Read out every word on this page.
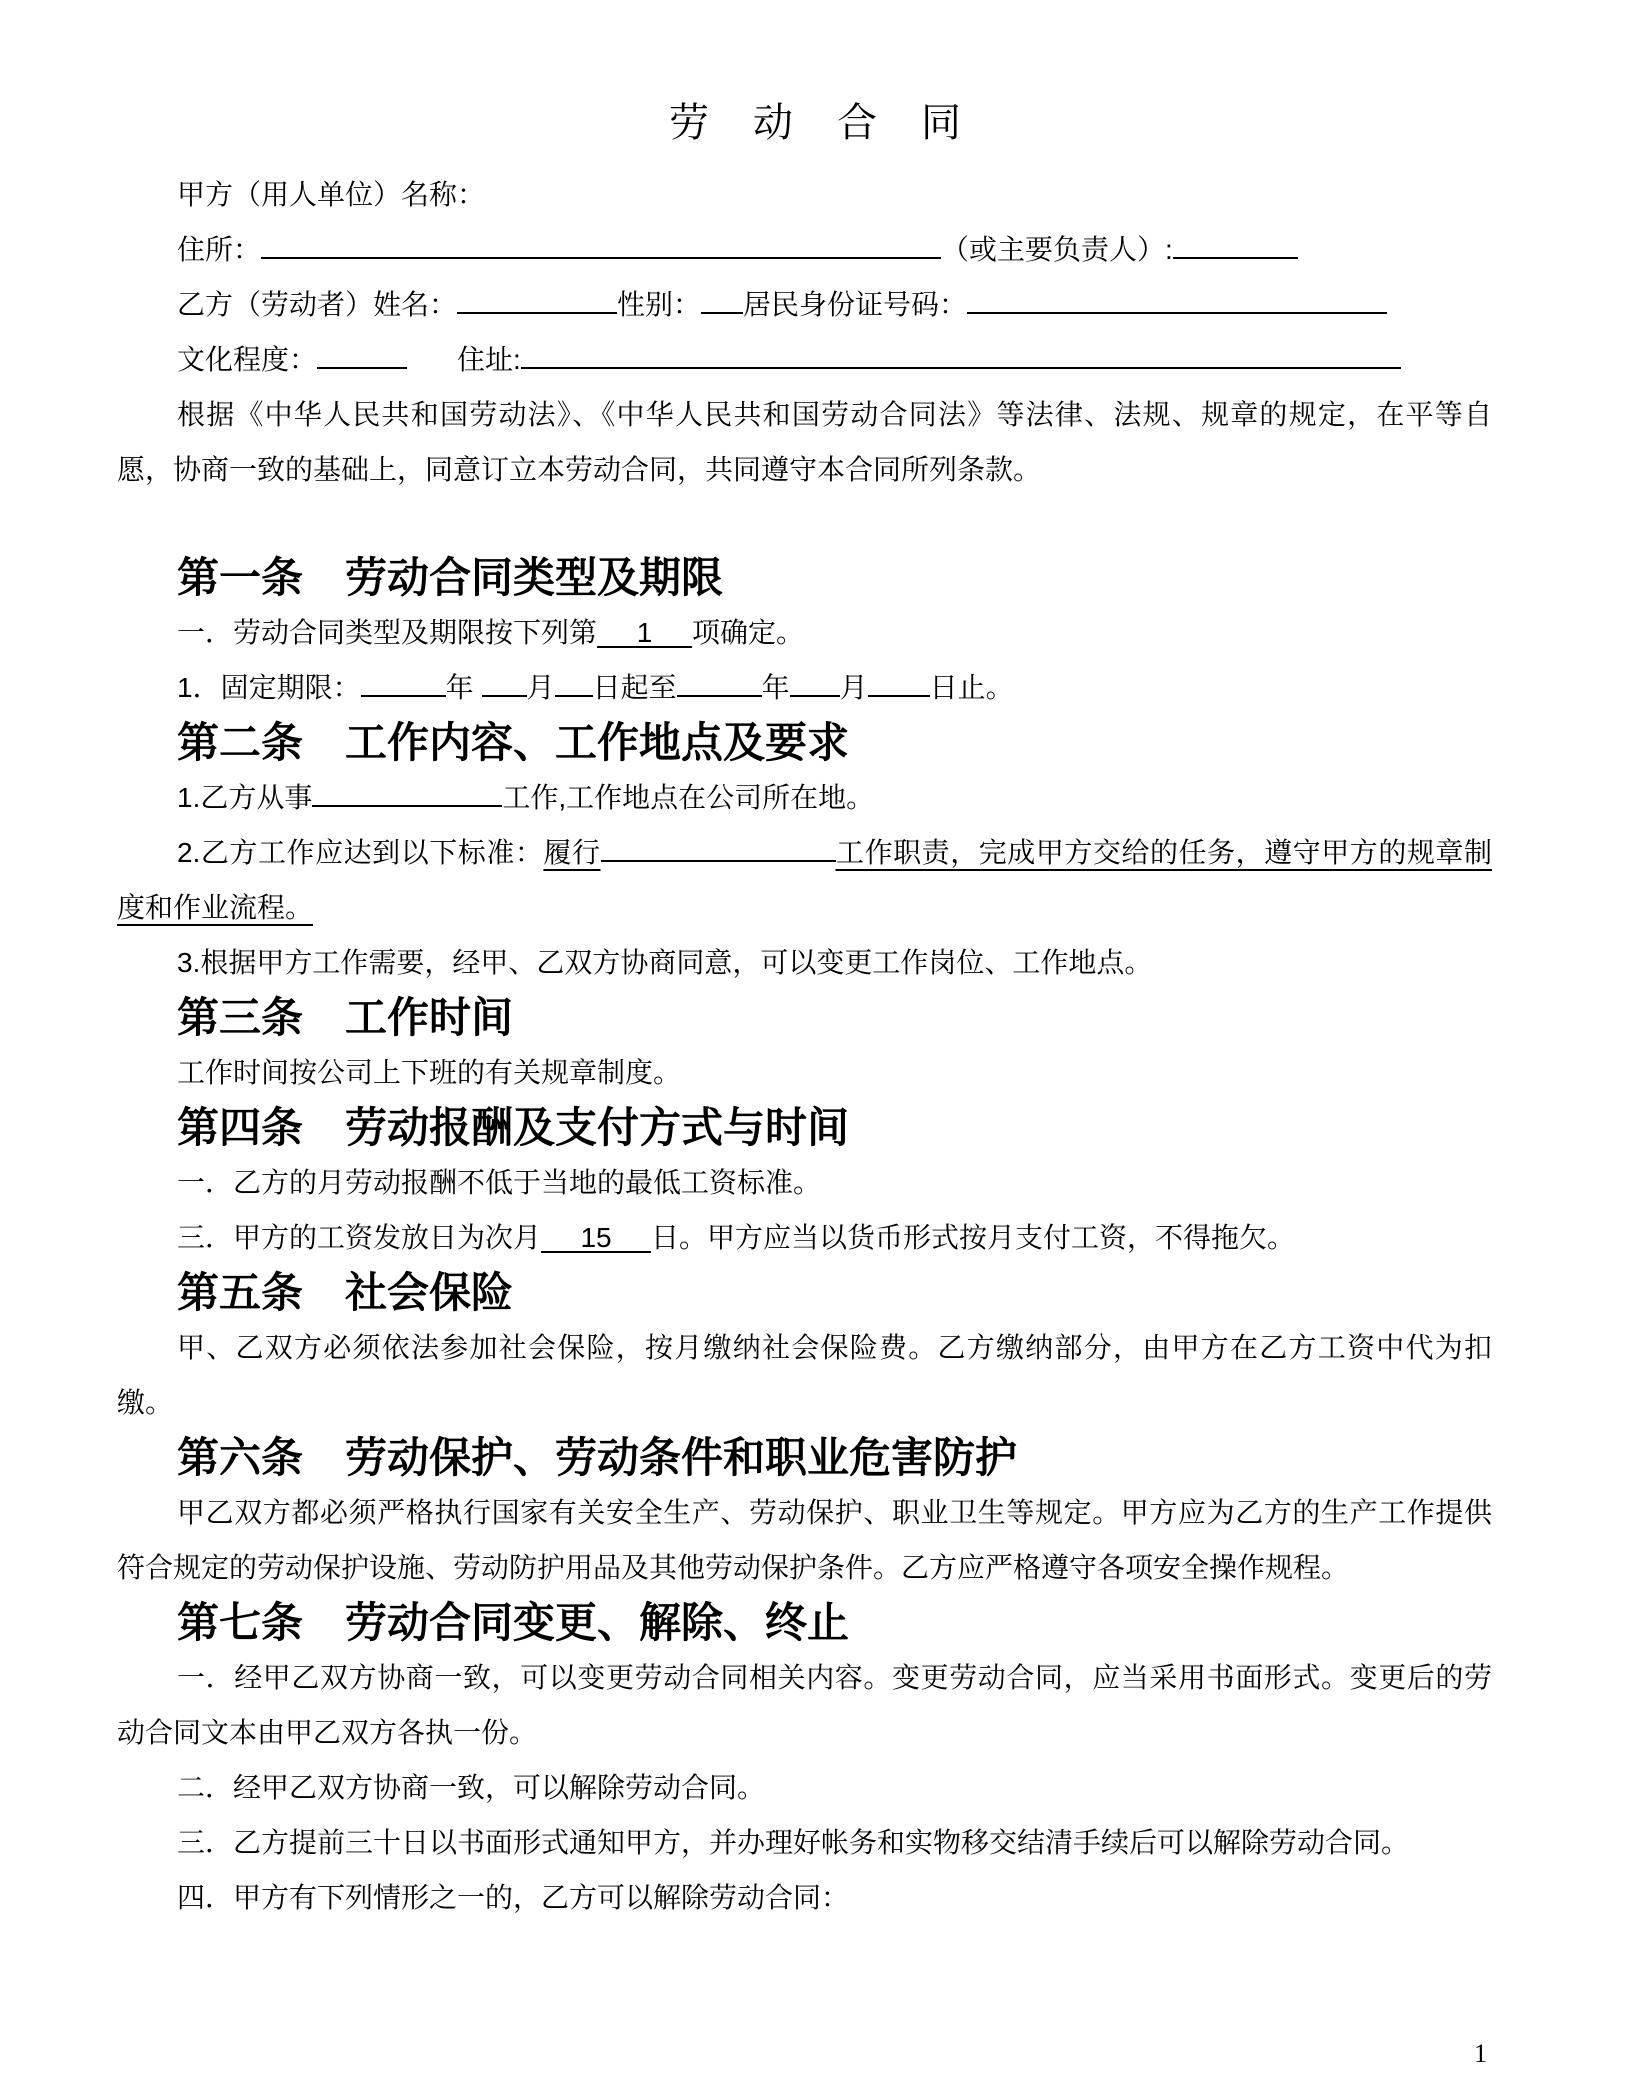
劳　动　合　同
甲方（用人单位）名称：
住所：	（或主要负责人）:
乙方（劳动者）姓名：	性别： 居民身份证号码：
文化程度：	住址:

根据《中华人民共和国劳动法》、《中华人民共和国劳动合同法》等法律、法规、规章的规定，在平等自愿，协商一致的基础上，同意订立本劳动合同，共同遵守本合同所列条款。

第一条　劳动合同类型及期限

一．劳动合同类型及期限按下列第 1 项确定。

1．固定期限：	年 月 日起至	年 月 日止。

第二条　工作内容、工作地点及要求

1.乙方从事	工作,工作地点在公司所在地。

2.乙方工作应达到以下标准：履行	工作职责，完成甲方交给的任务，遵守甲方的规章制度和作业流程。

3.根据甲方工作需要，经甲、乙双方协商同意，可以变更工作岗位、工作地点。

第三条　工作时间

工作时间按公司上下班的有关规章制度。

第四条　劳动报酬及支付方式与时间

一．乙方的月劳动报酬不低于当地的最低工资标准。

三．甲方的工资发放日为次月 15 日。甲方应当以货币形式按月支付工资，不得拖欠。

第五条　社会保险

甲、乙双方必须依法参加社会保险，按月缴纳社会保险费。乙方缴纳部分，由甲方在乙方工资中代为扣缴。

第六条　劳动保护、劳动条件和职业危害防护

甲乙双方都必须严格执行国家有关安全生产、劳动保护、职业卫生等规定。甲方应为乙方的生产工作提供符合规定的劳动保护设施、劳动防护用品及其他劳动保护条件。乙方应严格遵守各项安全操作规程。

第七条　劳动合同变更、解除、终止

一．经甲乙双方协商一致，可以变更劳动合同相关内容。变更劳动合同，应当采用书面形式。变更后的劳动合同文本由甲乙双方各执一份。

二．经甲乙双方协商一致，可以解除劳动合同。

三．乙方提前三十日以书面形式通知甲方，并办理好帐务和实物移交结清手续后可以解除劳动合同。

四．甲方有下列情形之一的，乙方可以解除劳动合同：

1
